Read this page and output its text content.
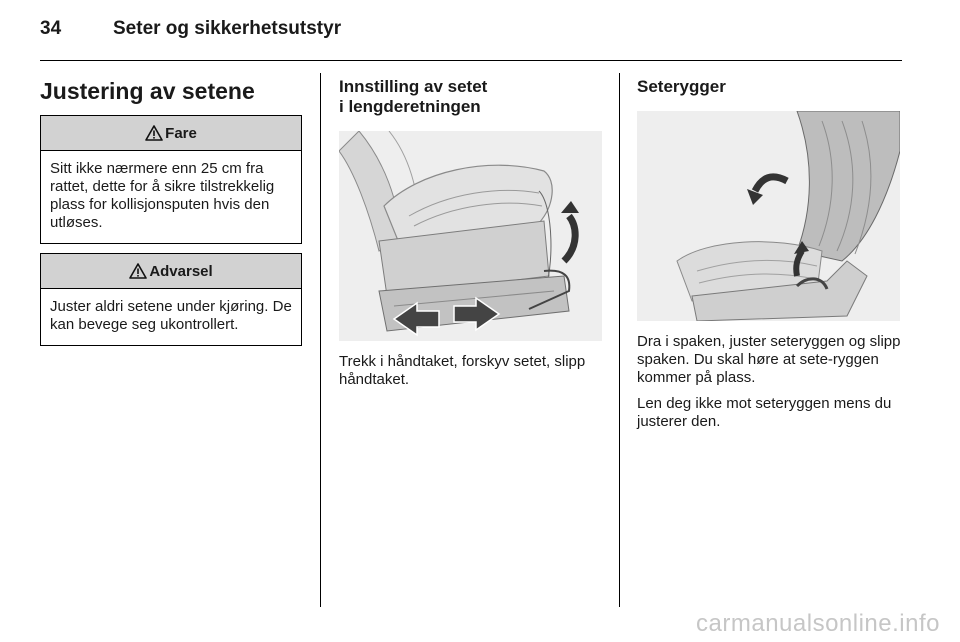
34	Seter og sikkerhetsutstyr
Justering av setene
Fare
Sitt ikke nærmere enn 25 cm fra rattet, dette for å sikre tilstrekkelig plass for kollisjonsputen hvis den utløses.
Advarsel
Juster aldri setene under kjøring. De kan bevege seg ukontrollert.
Innstilling av setet
i lengderetningen

Trekk i håndtaket, forskyv setet, slipp håndtaket.

Seterygger

Dra i spaken, juster seteryggen og slipp spaken. Du skal høre at sete-ryggen kommer på plass.

Len deg ikke mot seteryggen mens du justerer den.

carmanualsonline.info
